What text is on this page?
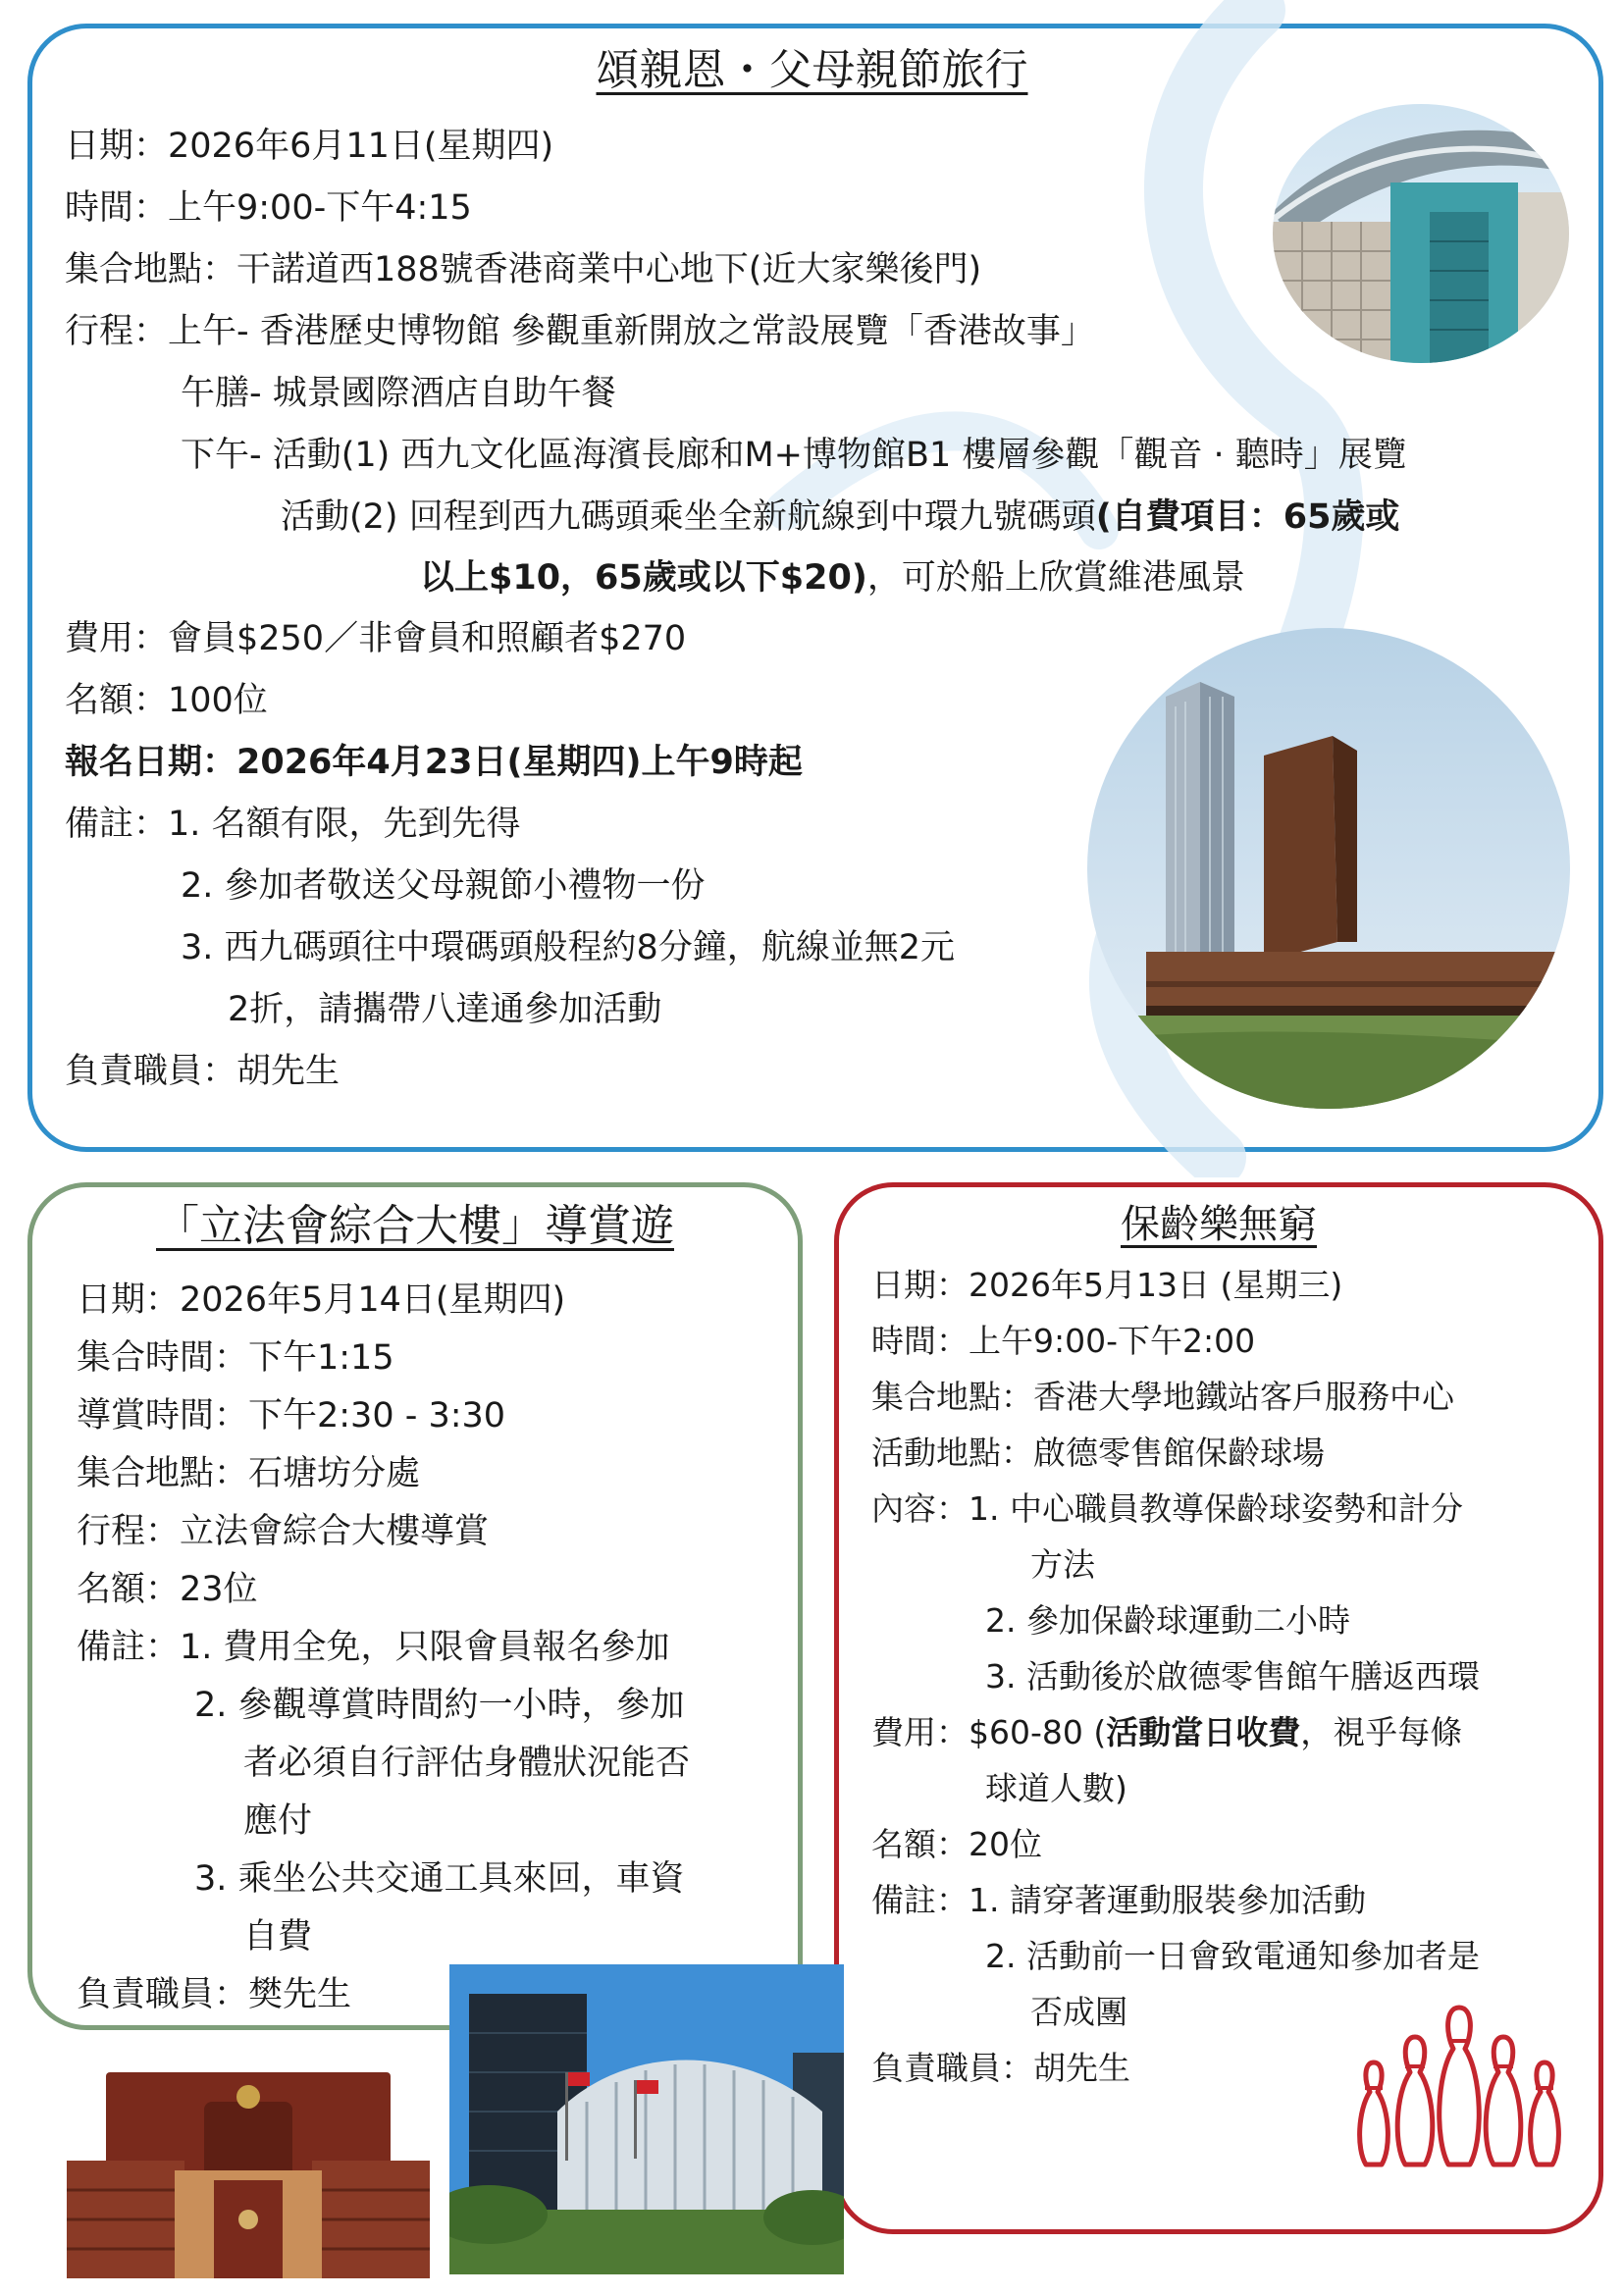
頌親恩・父母親節旅行
日期：2026年6月11日(星期四)
時間：上午9:00-下午4:15
集合地點：干諾道西188號香港商業中心地下(近大家樂後門)
行程：上午- 香港歷史博物館 參觀重新開放之常設展覽「香港故事」
午膳- 城景國際酒店自助午餐
下午- 活動(1) 西九文化區海濱長廊和M+博物館B1 樓層參觀「觀音 · 聽時」展覽
活動(2) 回程到西九碼頭乘坐全新航線到中環九號碼頭(自費項目：65歲或
以上$10，65歲或以下$20)，可於船上欣賞維港風景
費用：會員$250／非會員和照顧者$270
名額：100位
報名日期：2026年4月23日(星期四)上午9時起
備註：1. 名額有限，先到先得
2. 參加者敬送父母親節小禮物一份
3. 西九碼頭往中環碼頭般程約8分鐘，航線並無2元
2折，請攜帶八達通參加活動
負責職員：胡先生
「立法會綜合大樓」導賞遊
日期：2026年5月14日(星期四)
集合時間：下午1:15
導賞時間：下午2:30 - 3:30
集合地點：石塘坊分處
行程：立法會綜合大樓導賞
名額：23位
備註：1. 費用全免，只限會員報名參加
2. 參觀導賞時間約一小時，參加
者必須自行評估身體狀況能否
應付
3. 乘坐公共交通工具來回，車資
自費
負責職員：樊先生
保齡樂無窮
日期：2026年5月13日 (星期三)
時間：上午9:00-下午2:00
集合地點：香港大學地鐵站客戶服務中心
活動地點：啟德零售館保齡球場
內容：1. 中心職員教導保齡球姿勢和計分
方法
2. 參加保齡球運動二小時
3. 活動後於啟德零售館午膳返西環
費用：$60-80 (活動當日收費，視乎每條
球道人數)
名額：20位
備註：1. 請穿著運動服裝參加活動
2. 活動前一日會致電通知參加者是
否成團
負責職員：胡先生
